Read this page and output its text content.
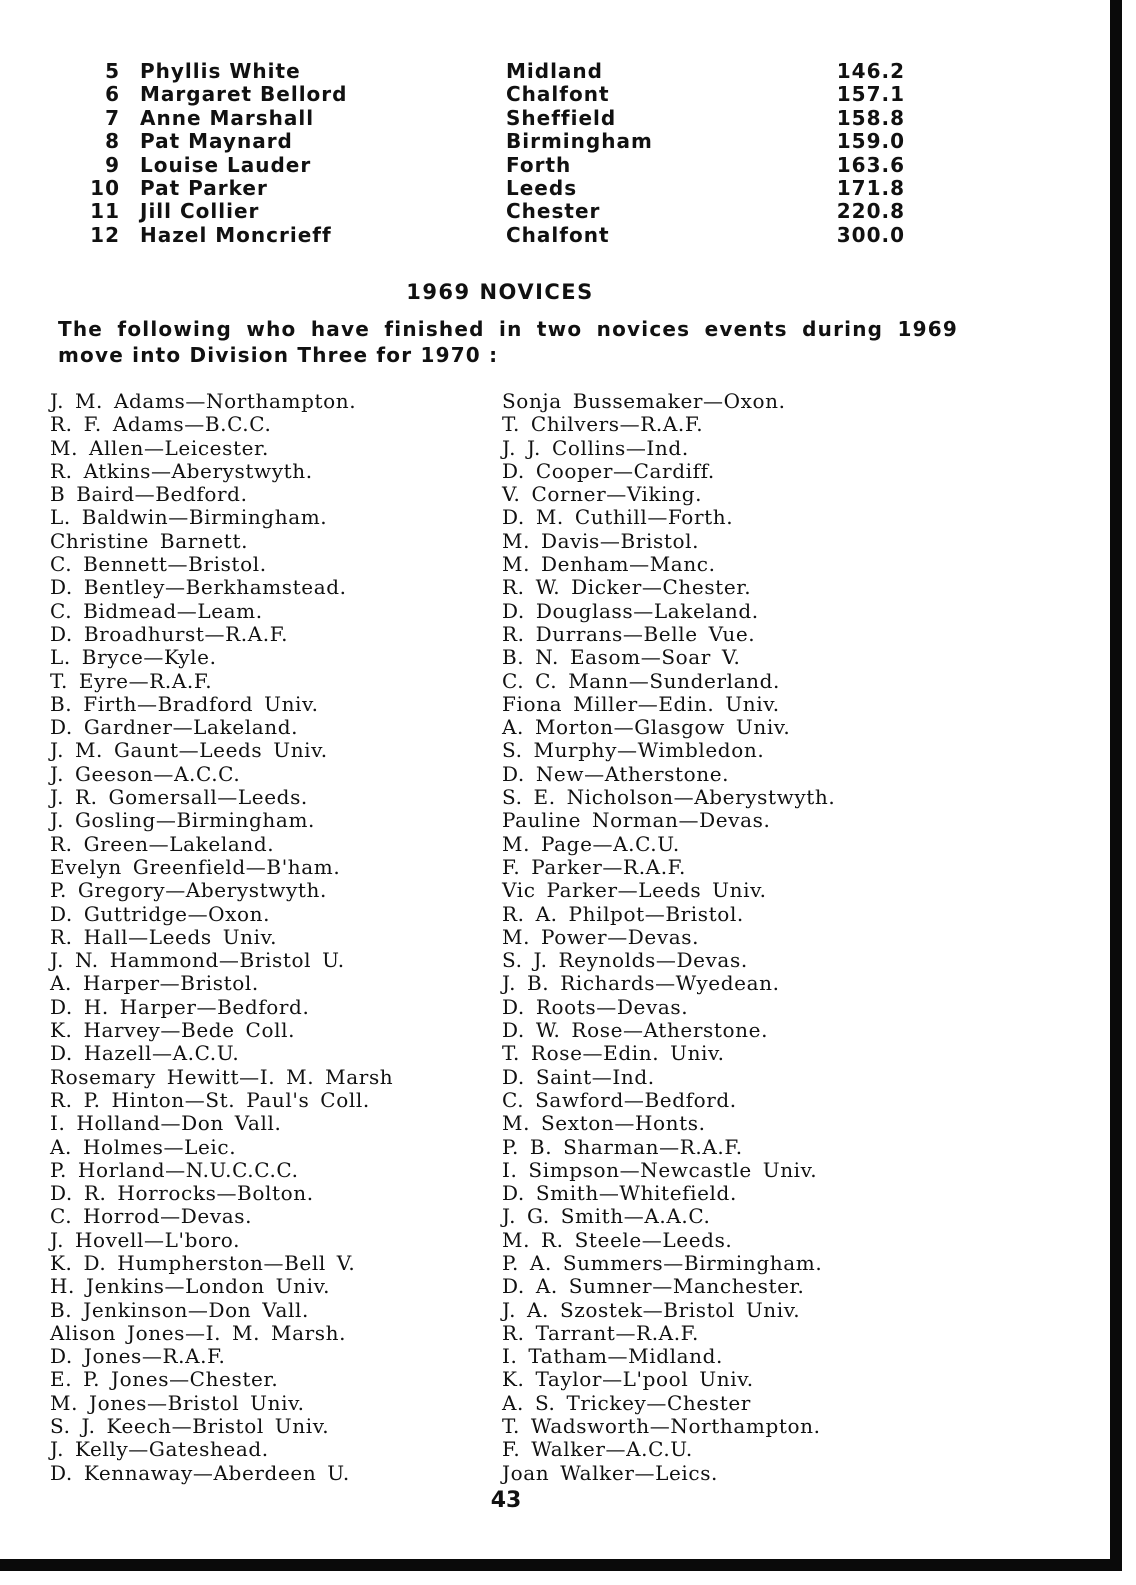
5 Phyllis White	Midland	146.2
6 Margaret Bellord	Chalfont	157.1
7 Anne Marshall	Sheffield	158.8
8 Pat Maynard	Birmingham	159.0
9 Louise Lauder	Forth	163.6
10 Pat Parker	Leeds	171.8
11 Jill Collier	Chester	220.8
12 Hazel Moncrieff	Chalfont	300.0
1969 NOVICES
The following who have finished in two novices events during 1969 move into Division Three for 1970 :
J. M. Adams—Northampton.
R. F. Adams—B.C.C.
M. Allen—Leicester.
R. Atkins—Aberystwyth.
B Baird—Bedford.
L. Baldwin—Birmingham.
Christine Barnett.
C. Bennett—Bristol.
D. Bentley—Berkhamstead.
C. Bidmead—Leam.
D. Broadhurst—R.A.F.
L. Bryce—Kyle.
T. Eyre—R.A.F.
B. Firth—Bradford Univ.
D. Gardner—Lakeland.
J. M. Gaunt—Leeds Univ.
J. Geeson—A.C.C.
J. R. Gomersall—Leeds.
J. Gosling—Birmingham.
R. Green—Lakeland.
Evelyn Greenfield—B'ham.
P. Gregory—Aberystwyth.
D. Guttridge—Oxon.
R. Hall—Leeds Univ.
J. N. Hammond—Bristol U.
A. Harper—Bristol.
D. H. Harper—Bedford.
K. Harvey—Bede Coll.
D. Hazell—A.C.U.
Rosemary Hewitt—I. M. Marsh
R. P. Hinton—St. Paul's Coll.
I. Holland—Don Vall.
A. Holmes—Leic.
P. Horland—N.U.C.C.C.
D. R. Horrocks—Bolton.
C. Horrod—Devas.
J. Hovell—L'boro.
K. D. Humpherston—Bell V.
H. Jenkins—London Univ.
B. Jenkinson—Don Vall.
Alison Jones—I. M. Marsh.
D. Jones—R.A.F.
E. P. Jones—Chester.
M. Jones—Bristol Univ.
S. J. Keech—Bristol Univ.
J. Kelly—Gateshead.
D. Kennaway—Aberdeen U.
Sonja Bussemaker—Oxon.
T. Chilvers—R.A.F.
J. J. Collins—Ind.
D. Cooper—Cardiff.
V. Corner—Viking.
D. M. Cuthill—Forth.
M. Davis—Bristol.
M. Denham—Manc.
R. W. Dicker—Chester.
D. Douglass—Lakeland.
R. Durrans—Belle Vue.
B. N. Easom—Soar V.
C. C. Mann—Sunderland.
Fiona Miller—Edin. Univ.
A. Morton—Glasgow Univ.
S. Murphy—Wimbledon.
D. New—Atherstone.
S. E. Nicholson—Aberystwyth.
Pauline Norman—Devas.
M. Page—A.C.U.
F. Parker—R.A.F.
Vic Parker—Leeds Univ.
R. A. Philpot—Bristol.
M. Power—Devas.
S. J. Reynolds—Devas.
J. B. Richards—Wyedean.
D. Roots—Devas.
D. W. Rose—Atherstone.
T. Rose—Edin. Univ.
D. Saint—Ind.
C. Sawford—Bedford.
M. Sexton—Honts.
P. B. Sharman—R.A.F.
I. Simpson—Newcastle Univ.
D. Smith—Whitefield.
J. G. Smith—A.A.C.
M. R. Steele—Leeds.
P. A. Summers—Birmingham.
D. A. Sumner—Manchester.
J. A. Szostek—Bristol Univ.
R. Tarrant—R.A.F.
I. Tatham—Midland.
K. Taylor—L'pool Univ.
A. S. Trickey—Chester
T. Wadsworth—Northampton.
F. Walker—A.C.U.
Joan Walker—Leics.
43
